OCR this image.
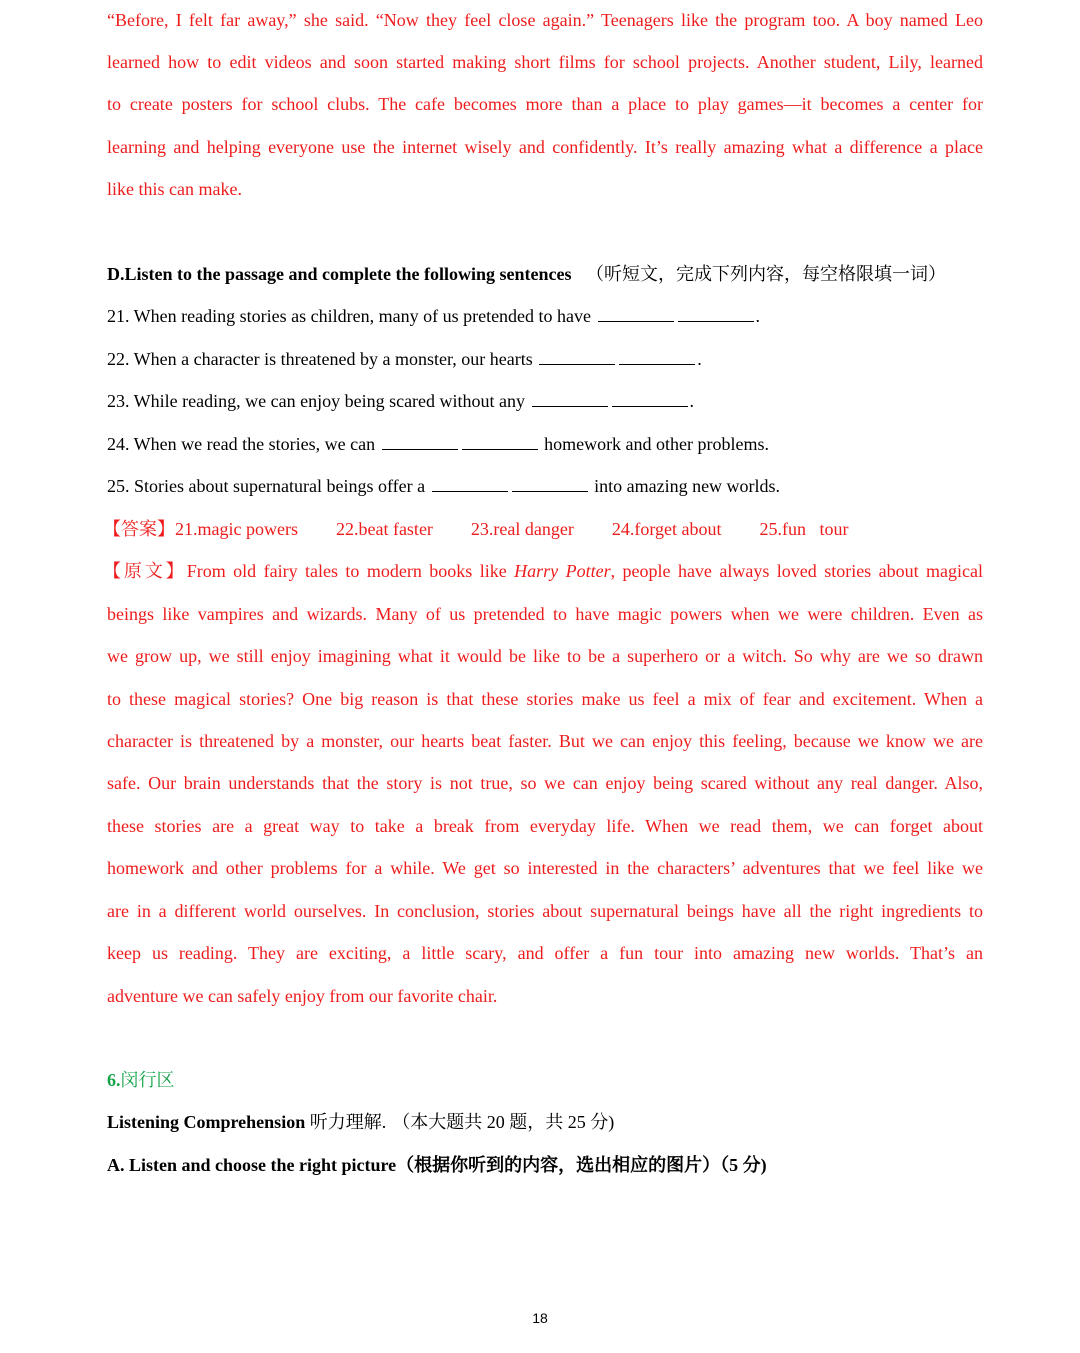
“Before, I felt far away,” she said. “Now they feel close again.” Teenagers like the program too. A boy named Leo
learned how to edit videos and soon started making short films for school projects. Another student, Lily, learned
to create posters for school clubs. The cafe becomes more than a place to play games—it becomes a center for
learning and helping everyone use the internet wisely and confidently. It’s really amazing what a difference a place
like this can make.
D.Listen to the passage and complete the following sentences （听短文，完成下列内容，每空格限填一词）
21. When reading stories as children, many of us pretended to have	.
22. When a character is threatened by a monster, our hearts	.
23. While reading, we can enjoy being scared without any	.
24. When we read the stories, we can	homework and other problems.
25. Stories about supernatural beings offer a	into amazing new worlds.
【答案】21.magic powers 22.beat faster 23.real danger 24.forget about 25.fun   tour
【原文】From old fairy tales to modern books like Harry Potter, people have always loved stories about magical
beings like vampires and wizards. Many of us pretended to have magic powers when we were children. Even as
we grow up, we still enjoy imagining what it would be like to be a superhero or a witch. So why are we so drawn
to these magical stories? One big reason is that these stories make us feel a mix of fear and excitement. When a
character is threatened by a monster, our hearts beat faster. But we can enjoy this feeling, because we know we are
safe. Our brain understands that the story is not true, so we can enjoy being scared without any real danger. Also,
these stories are a great way to take a break from everyday life. When we read them, we can forget about
homework and other problems for a while. We get so interested in the characters’ adventures that we feel like we
are in a different world ourselves. In conclusion, stories about supernatural beings have all the right ingredients to
keep us reading. They are exciting, a little scary, and offer a fun tour into amazing new worlds. That’s an
adventure we can safely enjoy from our favorite chair.
6.闵行区
Listening Comprehension 听力理解. （本大题共 20 题，共 25 分)
A. Listen and choose the right picture（根据你听到的内容，选出相应的图片）（5 分)
18
